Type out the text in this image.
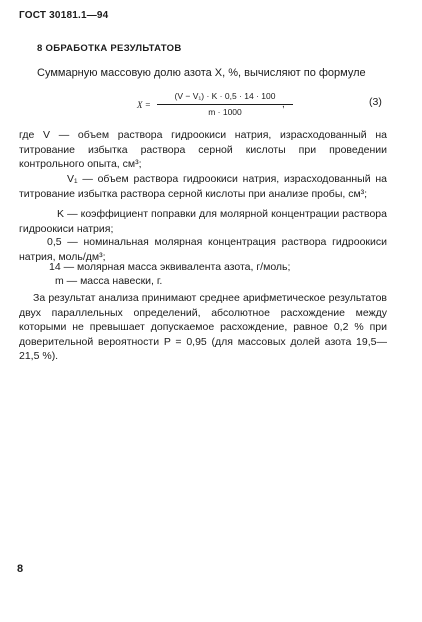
ГОСТ 30181.1—94
8 ОБРАБОТКА РЕЗУЛЬТАТОВ
Суммарную массовую долю азота X, %, вычисляют по формуле
X =
(V − V₁) · K · 0,5 · 14 · 100
m · 1000
,	(3)
где V — объем раствора гидроокиси натрия, израсходованный на титрование избытка раствора серной кислоты при проведении контрольного опыта, см³;
V₁ — объем раствора гидроокиси натрия, израсходованный на титрование избытка раствора серной кислоты при анализе пробы, см³;
K — коэффициент поправки для молярной концентрации раствора гидроокиси натрия;
0,5 — номинальная молярная концентрация раствора гидроокиси натрия, моль/дм³;
14 — молярная масса эквивалента азота, г/моль;
m — масса навески, г.
За результат анализа принимают среднее арифметическое результатов двух параллельных определений, абсолютное расхождение между которыми не превышает допускаемое расхождение, равное 0,2 % при доверительной вероятности P = 0,95 (для массовых долей азота 19,5—21,5 %).
8
